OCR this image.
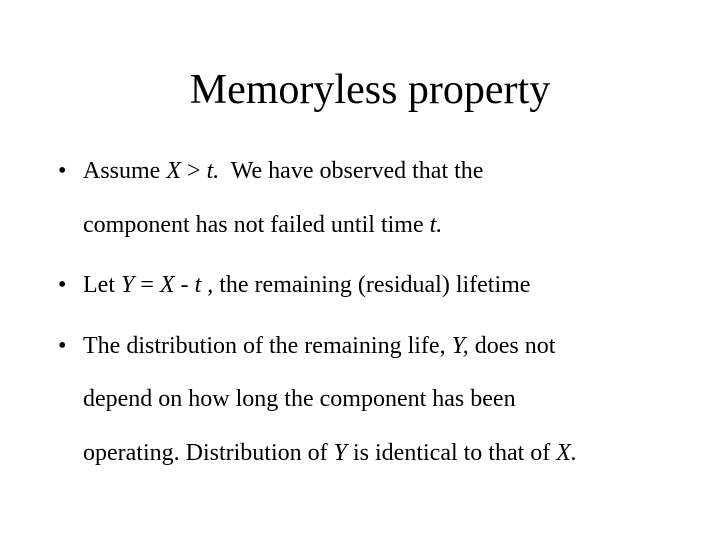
Memoryless property
• Assume X > t.  We have observed that the
component has not failed until time t.
• Let Y = X - t , the remaining (residual) lifetime
• The distribution of the remaining life, Y, does not
depend on how long the component has been
operating. Distribution of Y is identical to that of X.
